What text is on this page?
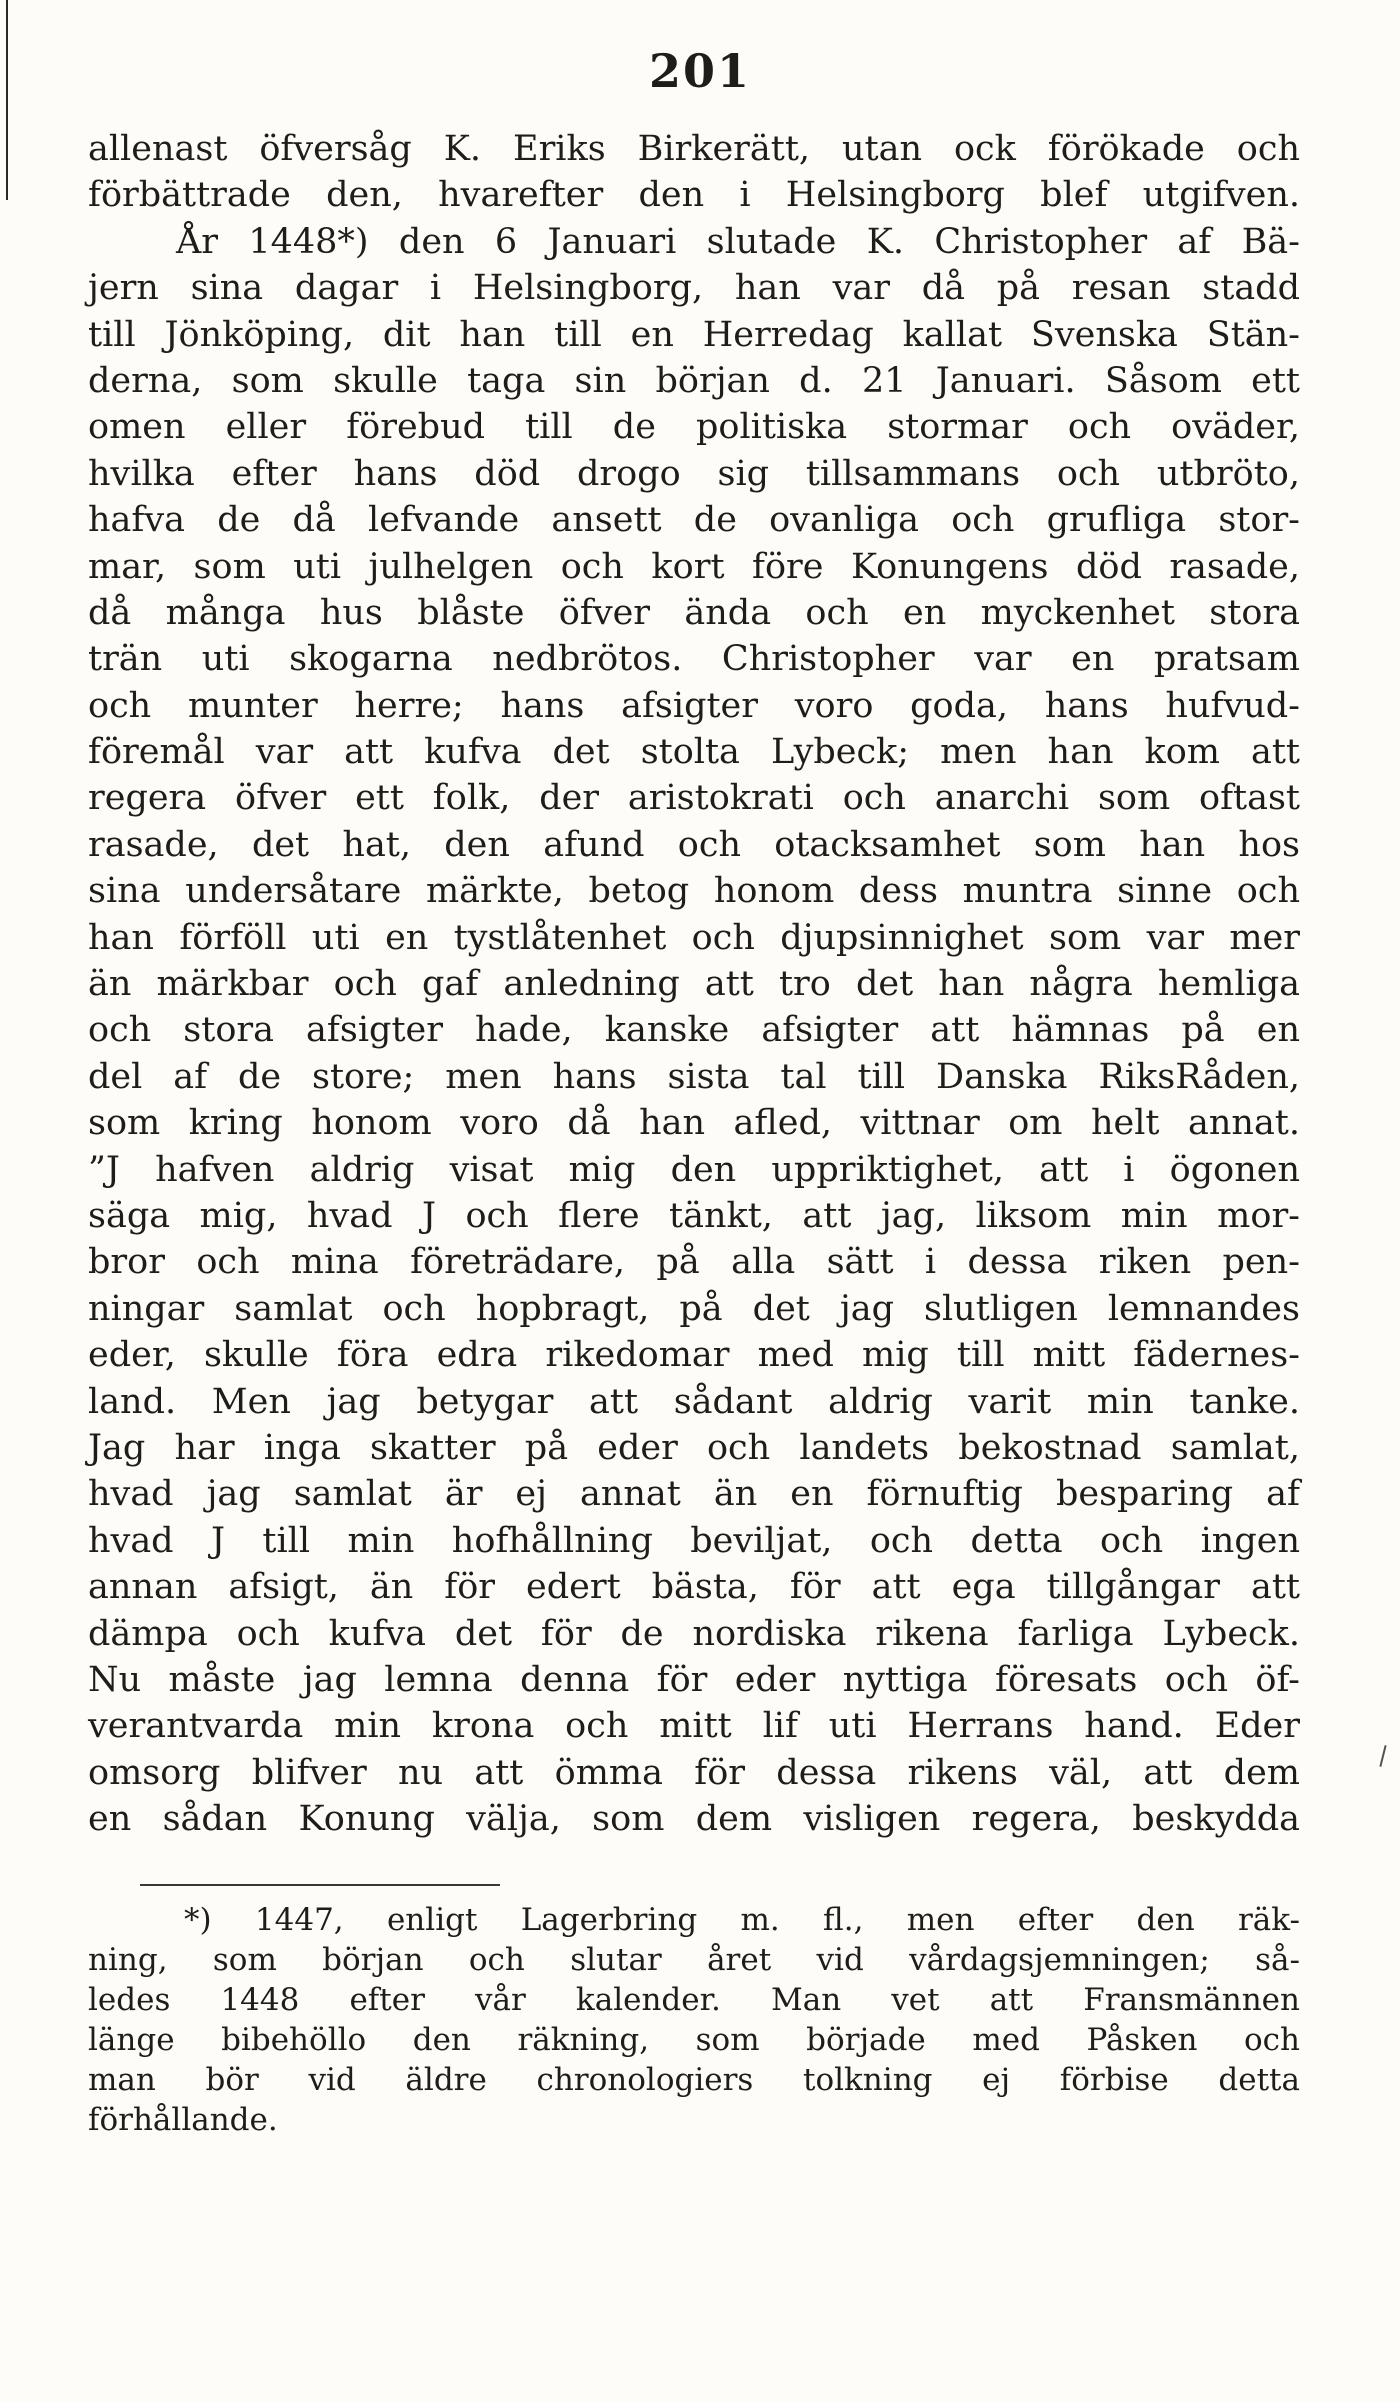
201
allenast öfversåg K. Eriks Birkerätt, utan ock förökade och
förbättrade den, hvarefter den i Helsingborg blef utgifven.
År 1448*) den 6 Januari slutade K. Christopher af Bä-
jern sina dagar i Helsingborg, han var då på resan stadd
till Jönköping, dit han till en Herredag kallat Svenska Stän-
derna, som skulle taga sin början d. 21 Januari. Såsom ett
omen eller förebud till de politiska stormar och oväder,
hvilka efter hans död drogo sig tillsammans och utbröto,
hafva de då lefvande ansett de ovanliga och grufliga stor-
mar, som uti julhelgen och kort före Konungens död rasade,
då många hus blåste öfver ända och en myckenhet stora
trän uti skogarna nedbrötos. Christopher var en pratsam
och munter herre; hans afsigter voro goda, hans hufvud-
föremål var att kufva det stolta Lybeck; men han kom att
regera öfver ett folk, der aristokrati och anarchi som oftast
rasade, det hat, den afund och otacksamhet som han hos
sina undersåtare märkte, betog honom dess muntra sinne och
han förföll uti en tystlåtenhet och djupsinnighet som var mer
än märkbar och gaf anledning att tro det han några hemliga
och stora afsigter hade, kanske afsigter att hämnas på en
del af de store; men hans sista tal till Danska RiksRåden,
som kring honom voro då han afled, vittnar om helt annat.
”J hafven aldrig visat mig den uppriktighet, att i ögonen
säga mig, hvad J och flere tänkt, att jag, liksom min mor-
bror och mina företrädare, på alla sätt i dessa riken pen-
ningar samlat och hopbragt, på det jag slutligen lemnandes
eder, skulle föra edra rikedomar med mig till mitt fädernes-
land. Men jag betygar att sådant aldrig varit min tanke.
Jag har inga skatter på eder och landets bekostnad samlat,
hvad jag samlat är ej annat än en förnuftig besparing af
hvad J till min hofhållning beviljat, och detta och ingen
annan afsigt, än för edert bästa, för att ega tillgångar att
dämpa och kufva det för de nordiska rikena farliga Lybeck.
Nu måste jag lemna denna för eder nyttiga föresats och öf-
verantvarda min krona och mitt lif uti Herrans hand. Eder
omsorg blifver nu att ömma för dessa rikens väl, att dem
en sådan Konung välja, som dem visligen regera, beskydda
*) 1447, enligt Lagerbring m. fl., men efter den räk-
ning, som början och slutar året vid vårdagsjemningen; så-
ledes 1448 efter vår kalender. Man vet att Fransmännen
länge bibehöllo den räkning, som började med Påsken och
man bör vid äldre chronologiers tolkning ej förbise detta
förhållande.
